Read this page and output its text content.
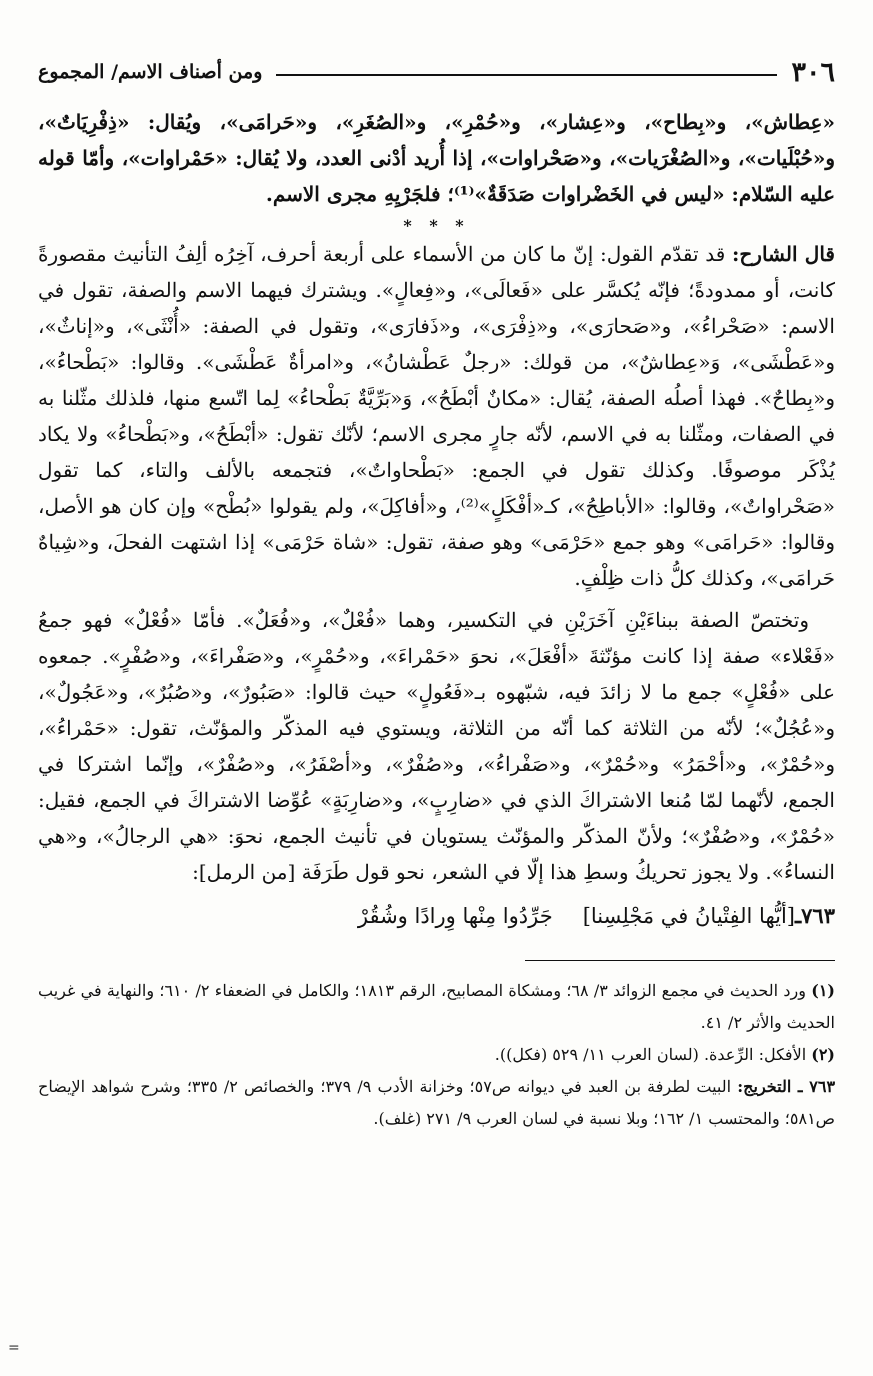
٣٠٦
ومن أصناف الاسم/ المجموع

«عِطاش»، و«بِطاح»، و«عِشار»، و«حُمْرِ»، و«الصُغَرِ»، و«حَرامَى»، ويُقال: «ذِفْرِيَاتٌ»، و«حُبْلَيات»، و«الصُغْرَيات»، و«صَحْراوات»، إذا أُريد أدْنى العدد، ولا يُقال: «حَمْراوات»، وأمّا قوله عليه السّلام: «ليس في الخَضْراوات صَدَقَةٌ»⁽¹⁾؛ فلجَرْيِهِ مجرى الاسم.

* * *

قال الشارح: قد تقدّم القول: إنّ ما كان من الأسماء على أربعة أحرف، آخِرُه ألِفُ التأنيث مقصورةً كانت، أو ممدودةً؛ فإنّه يُكسَّر على «فَعالَى»، و«فِعالٍ». ويشترك فيهما الاسم والصفة، تقول في الاسم: «صَحْراءُ»، و«صَحارَى»، و«ذِفْرَى»، و«ذَفارَى»، وتقول في الصفة: «أُنْثَى»، و«إناثٌ»، و«عَطْشَى»، وَ«عِطاشٌ»، من قولك: «رجلٌ عَطْشانُ»، و«امرأةٌ عَطْشَى». وقالوا: «بَطْحاءُ»، و«بِطاحٌ». فهذا أصلُه الصفة، يُقال: «مكانٌ أبْطَحُ»، وَ«بَرِّيَّةٌ بَطْحاءُ» لِما اتّسع منها، فلذلك مثّلنا به في الصفات، ومثّلنا به في الاسم، لأنّه جارٍ مجرى الاسم؛ لأنّك تقول: «أبْطَحُ»، و«بَطْحاءُ» ولا يكاد يُذْكَر موصوفًا. وكذلك تقول في الجمع: «بَطْحاواتٌ»، فتجمعه بالألف والتاء، كما تقول «صَحْراواتٌ»، وقالوا: «الأباطِحُ»، كـ«أفْكَلٍ»⁽²⁾، و«أفاكِلَ»، ولم يقولوا «بُطْح» وإن كان هو الأصل، وقالوا: «حَرامَى» وهو جمع «حَرْمَى» وهو صفة، تقول: «شاة حَرْمَى» إذا اشتهت الفحلَ، و«شِياهٌ حَرامَى»، وكذلك كلُّ ذات ظِلْفٍ.

وتختصّ الصفة ببناءَيْنِ آخَرَيْنِ في التكسير، وهما «فُعْلٌ»، و«فُعَلٌ». فأمّا «فُعْلٌ» فهو جمعُ «فَعْلاء» صفة إذا كانت مؤنّثةَ «أفْعَلَ»، نحوَ «حَمْراءَ»، و«حُمْرٍ»، و«صَفْراءَ»، و«صُفْرٍ». جمعوه على «فُعْلٍ» جمع ما لا زائدَ فيه، شبّهوه بـ«فَعُولٍ» حيث قالوا: «صَبُورٌ»، و«صُبُرٌ»، و«عَجُولٌ»، و«عُجُلٌ»؛ لأنّه من الثلاثة كما أنّه من الثلاثة، ويستوي فيه المذكّر والمؤنّث، تقول: «حَمْراءُ»، و«حُمْرٌ»، و«أحْمَرُ» و«حُمْرٌ»، و«صَفْراءُ»، و«صُفْرٌ»، و«أصْفَرُ»، و«صُفْرٌ»، وإنّما اشتركا في الجمع، لأنّهما لمّا مُنعا الاشتراكَ الذي في «ضارِبٍ»، و«ضارِبَةٍ» عُوِّضا الاشتراكَ في الجمع، فقيل: «حُمْرٌ»، و«صُفْرٌ»؛ ولأنّ المذكّر والمؤنّث يستويان في تأنيث الجمع، نحوَ: «هي الرجالُ»، و«هي النساءُ». ولا يجوز تحريكُ وسطِ هذا إلّا في الشعر، نحو قول طَرَفَة [من الرمل]:

٧٦٣ـ[أيُّها الفِتْيانُ في مَجْلِسِنا]
جَرِّدُوا مِنْها وِرادًا وشُقُرْ

(١) ورد الحديث في مجمع الزوائد ٣/ ٦٨؛ ومشكاة المصابيح، الرقم ١٨١٣؛ والكامل في الضعفاء ٢/ ٦١٠؛ والنهاية في غريب الحديث والأثر ٢/ ٤١.

(٢) الأفكل: الرِّعدة. (لسان العرب ١١/ ٥٢٩ (فكل)).

٧٦٣ ـ التخريج: البيت لطرفة بن العبد في ديوانه ص٥٧؛ وخزانة الأدب ٩/ ٣٧٩؛ والخصائص ٢/ ٣٣٥؛ وشرح شواهد الإيضاح ص٥٨١؛ والمحتسب ١/ ١٦٢؛ وبلا نسبة في لسان العرب ٩/ ٢٧١ (غلف).

=
